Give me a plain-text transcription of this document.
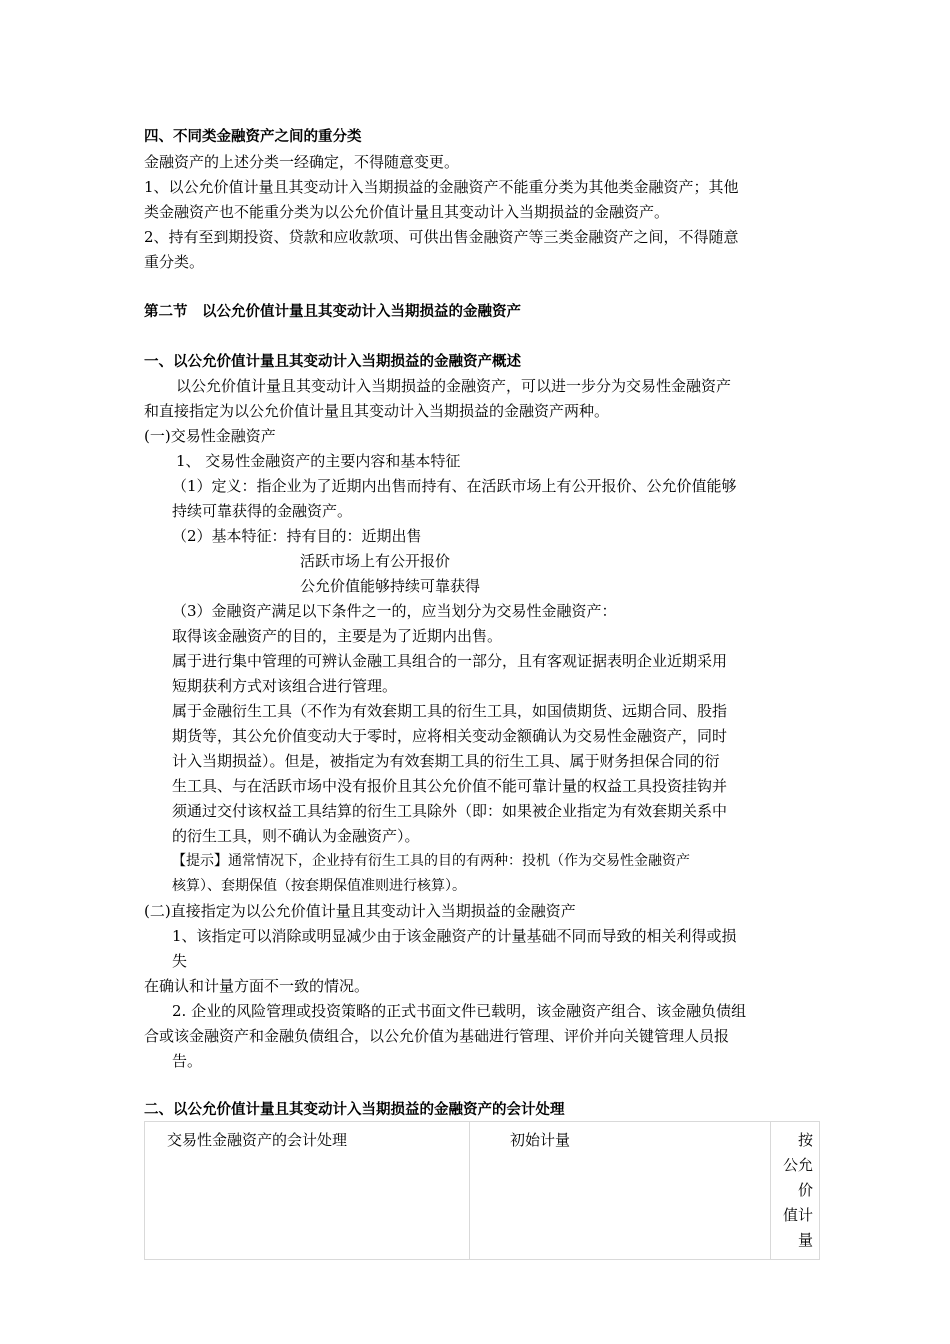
四、不同类金融资产之间的重分类
金融资产的上述分类一经确定，不得随意变更。
1、以公允价值计量且其变动计入当期损益的金融资产不能重分类为其他类金融资产；其他
类金融资产也不能重分类为以公允价值计量且其变动计入当期损益的金融资产。
2、持有至到期投资、贷款和应收款项、可供出售金融资产等三类金融资产之间，不得随意
重分类。
第二节　以公允价值计量且其变动计入当期损益的金融资产
一、以公允价值计量且其变动计入当期损益的金融资产概述
以公允价值计量且其变动计入当期损益的金融资产，可以进一步分为交易性金融资产
和直接指定为以公允价值计量且其变动计入当期损益的金融资产两种。
(一)交易性金融资产
1、 交易性金融资产的主要内容和基本特征
（1）定义：指企业为了近期内出售而持有、在活跃市场上有公开报价、公允价值能够
持续可靠获得的金融资产。
（2）基本特征：持有目的：近期出售
活跃市场上有公开报价
公允价值能够持续可靠获得
（3）金融资产满足以下条件之一的，应当划分为交易性金融资产：
取得该金融资产的目的，主要是为了近期内出售。
属于进行集中管理的可辨认金融工具组合的一部分，且有客观证据表明企业近期采用
短期获利方式对该组合进行管理。
属于金融衍生工具（不作为有效套期工具的衍生工具，如国债期货、远期合同、股指
期货等，其公允价值变动大于零时，应将相关变动金额确认为交易性金融资产，同时
计入当期损益）。但是，被指定为有效套期工具的衍生工具、属于财务担保合同的衍
生工具、与在活跃市场中没有报价且其公允价值不能可靠计量的权益工具投资挂钩并
须通过交付该权益工具结算的衍生工具除外（即：如果被企业指定为有效套期关系中
的衍生工具，则不确认为金融资产）。
【提示】通常情况下，企业持有衍生工具的目的有两种：投机（作为交易性金融资产
核算）、套期保值（按套期保值准则进行核算）。
(二)直接指定为以公允价值计量且其变动计入当期损益的金融资产
1、该指定可以消除或明显减少由于该金融资产的计量基础不同而导致的相关利得或损
失
在确认和计量方面不一致的情况。
2. 企业的风险管理或投资策略的正式书面文件已载明，该金融资产组合、该金融负债组
合或该金融资产和金融负债组合，以公允价值为基础进行管理、评价并向关键管理人员报
告。
二、以公允价值计量且其变动计入当期损益的金融资产的会计处理
交易性金融资产的会计处理	初始计量	按
公允价
值计量
